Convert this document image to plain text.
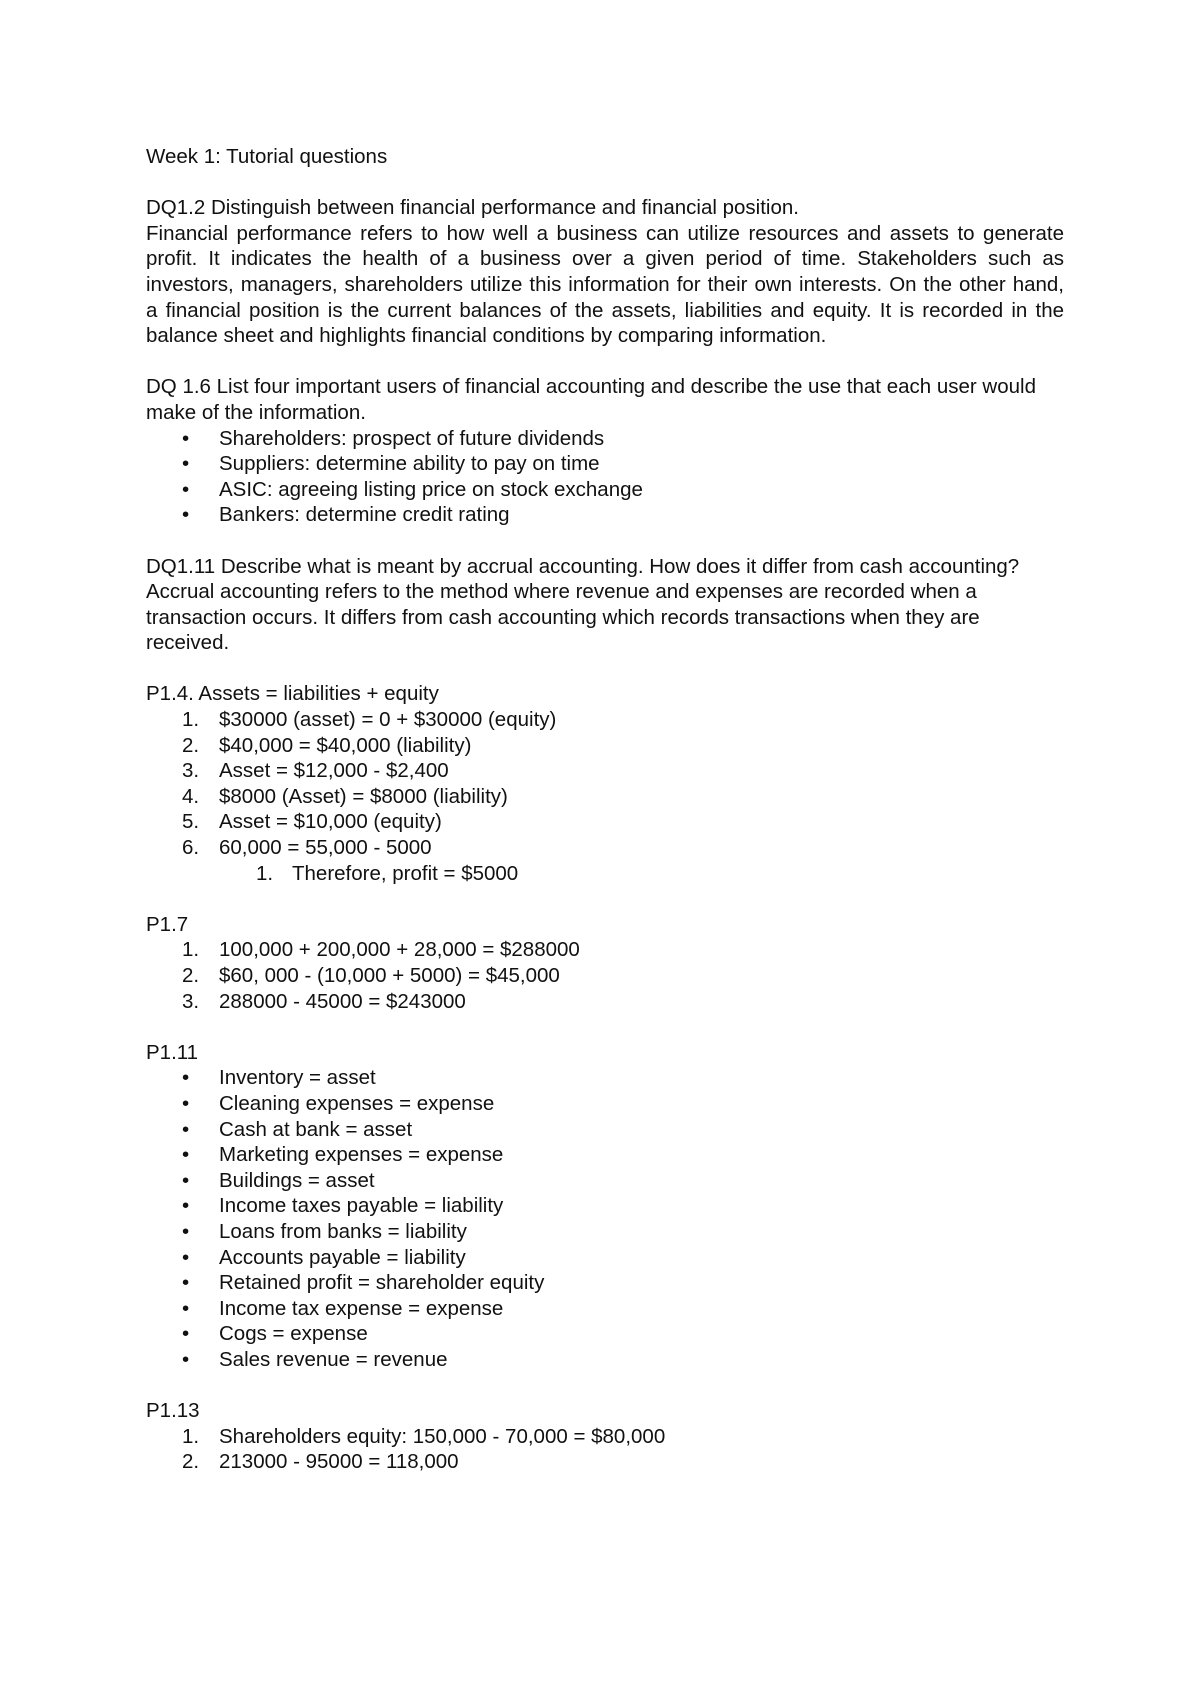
Week 1: Tutorial questions
DQ1.2 Distinguish between financial performance and financial position.

Financial performance refers to how well a business can utilize resources and assets to generate profit. It indicates the health of a business over a given period of time. Stakeholders such as investors, managers, shareholders utilize this information for their own interests. On the other hand, a financial position is the current balances of the assets, liabilities and equity. It is recorded in the balance sheet and highlights financial conditions by comparing information.

DQ 1.6 List four important users of financial accounting and describe the use that each user would make of the information.

• Shareholders: prospect of future dividends
• Suppliers: determine ability to pay on time
• ASIC: agreeing listing price on stock exchange
• Bankers: determine credit rating

DQ1.11 Describe what is meant by accrual accounting. How does it differ from cash accounting?

Accrual accounting refers to the method where revenue and expenses are recorded when a transaction occurs. It differs from cash accounting which records transactions when they are received.

P1.4. Assets = liabilities + equity
1. $30000 (asset) = 0 + $30000 (equity)
2. $40,000 = $40,000 (liability)
3. Asset = $12,000 - $2,400
4. $8000 (Asset) = $8000 (liability)
5. Asset = $10,000 (equity)
6. 60,000 = 55,000 - 5000
1. Therefore, profit = $5000
P1.7
1. 100,000 + 200,000 + 28,000 = $288000
2. $60, 000 - (10,000 + 5000) = $45,000
3. 288000 - 45000 = $243000
P1.11
• Inventory = asset
• Cleaning expenses = expense
• Cash at bank = asset
• Marketing expenses = expense
• Buildings = asset
• Income taxes payable = liability
• Loans from banks = liability
• Accounts payable = liability
• Retained profit = shareholder equity
• Income tax expense = expense
• Cogs = expense
• Sales revenue = revenue
P1.13
1. Shareholders equity: 150,000 - 70,000 = $80,000
2. 213000 - 95000 = 118,000
